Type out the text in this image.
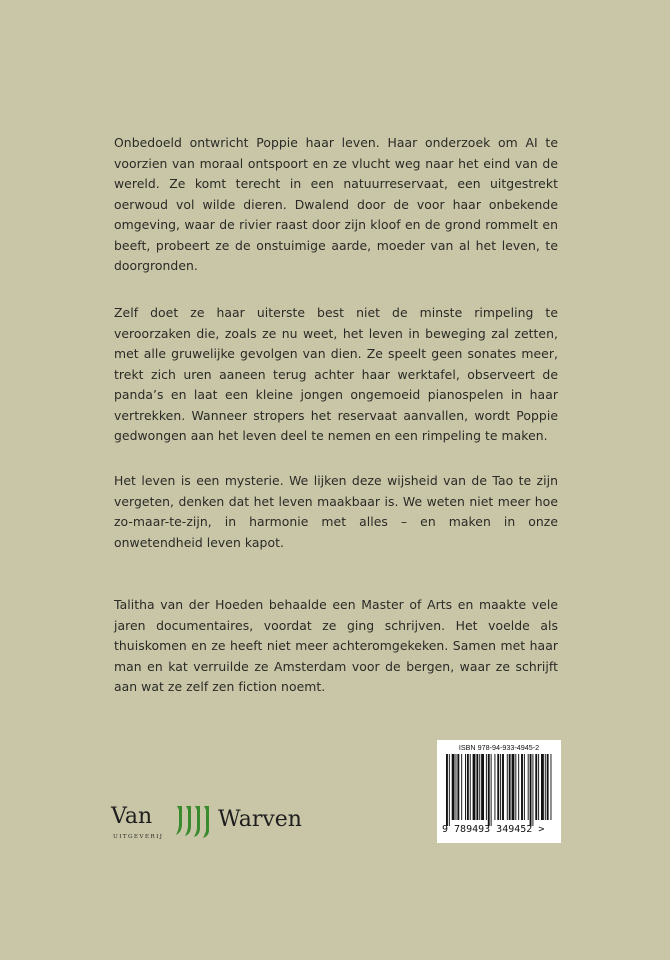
Onbedoeld ontwricht Poppie haar leven. Haar onderzoek om AI te voorzien van moraal ontspoort en ze vlucht weg naar het eind van de wereld. Ze komt terecht in een natuurreservaat, een uitgestrekt oerwoud vol wilde dieren. Dwalend door de voor haar onbekende omgeving, waar de rivier raast door zijn kloof en de grond rommelt en beeft, probeert ze de onstuimige aarde, moeder van al het leven, te doorgronden.

Zelf doet ze haar uiterste best niet de minste rimpeling te veroorzaken die, zoals ze nu weet, het leven in beweging zal zetten, met alle gruwelijke gevolgen van dien. Ze speelt geen sonates meer, trekt zich uren aaneen terug achter haar werktafel, observeert de panda’s en laat een kleine jongen ongemoeid pianospelen in haar vertrekken. Wanneer stropers het reservaat aanvallen, wordt Poppie gedwongen aan het leven deel te nemen en een rimpeling te maken.

Het leven is een mysterie. We lijken deze wijsheid van de Tao te zijn vergeten, denken dat het leven maakbaar is. We weten niet meer hoe zo-maar-te-zijn, in harmonie met alles – en maken in onze onwetendheid leven kapot.

Talitha van der Hoeden behaalde een Master of Arts en maakte vele jaren documentaires, voordat ze ging schrijven. Het voelde als thuiskomen en ze heeft niet meer achteromgekeken. Samen met haar man en kat verruilde ze Amsterdam voor de bergen, waar ze schrijft aan wat ze zelf zen fiction noemt.

ISBN 978-94-933-4945-2
9 789493 349452 >
Van	Warven
UITGEVERIJ
